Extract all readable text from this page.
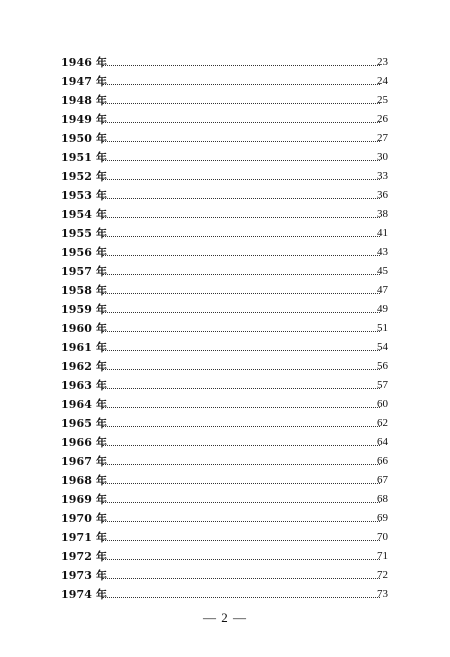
1946 年	23
1947 年	24
1948 年	25
1949 年	26
1950 年	27
1951 年	30
1952 年	33
1953 年	36
1954 年	38
1955 年	41
1956 年	43
1957 年	45
1958 年	47
1959 年	49
1960 年	51
1961 年	54
1962 年	56
1963 年	57
1964 年	60
1965 年	62
1966 年	64
1967 年	66
1968 年	67
1969 年	68
1970 年	69
1971 年	70
1972 年	71
1973 年	72
1974 年	73
— 2 —
